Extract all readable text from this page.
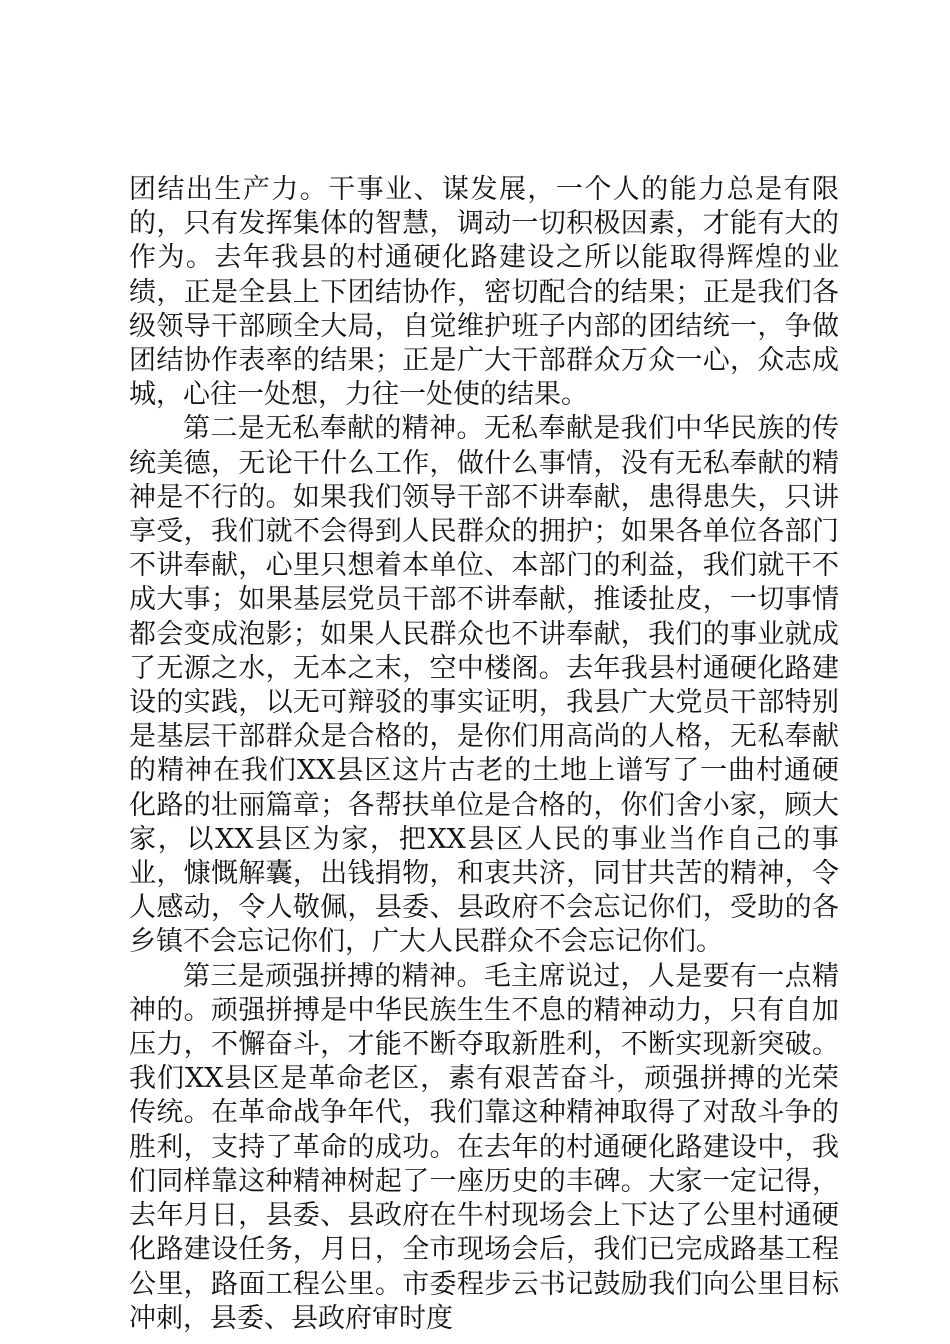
团结出生产力。干事业、谋发展，一个人的能力总是有限的，只有发挥集体的智慧，调动一切积极因素，才能有大的作为。去年我县的村通硬化路建设之所以能取得辉煌的业绩，正是全县上下团结协作，密切配合的结果；正是我们各级领导干部顾全大局，自觉维护班子内部的团结统一，争做团结协作表率的结果；正是广大干部群众万众一心，众志成城，心往一处想，力往一处使的结果。

第二是无私奉献的精神。无私奉献是我们中华民族的传统美德，无论干什么工作，做什么事情，没有无私奉献的精神是不行的。如果我们领导干部不讲奉献，患得患失，只讲享受，我们就不会得到人民群众的拥护；如果各单位各部门不讲奉献，心里只想着本单位、本部门的利益，我们就干不成大事；如果基层党员干部不讲奉献，推诿扯皮，一切事情都会变成泡影；如果人民群众也不讲奉献，我们的事业就成了无源之水，无本之末，空中楼阁。去年我县村通硬化路建设的实践，以无可辩驳的事实证明，我县广大党员干部特别是基层干部群众是合格的，是你们用高尚的人格，无私奉献的精神在我们XX县区这片古老的土地上谱写了一曲村通硬化路的壮丽篇章；各帮扶单位是合格的，你们舍小家，顾大家，以XX县区为家，把XX县区人民的事业当作自己的事业，慷慨解囊，出钱捐物，和衷共济，同甘共苦的精神，令人感动，令人敬佩，县委、县政府不会忘记你们，受助的各乡镇不会忘记你们，广大人民群众不会忘记你们。

第三是顽强拼搏的精神。毛主席说过，人是要有一点精神的。顽强拼搏是中华民族生生不息的精神动力，只有自加压力，不懈奋斗，才能不断夺取新胜利，不断实现新突破。我们XX县区是革命老区，素有艰苦奋斗，顽强拼搏的光荣传统。在革命战争年代，我们靠这种精神取得了对敌斗争的胜利，支持了革命的成功。在去年的村通硬化路建设中，我们同样靠这种精神树起了一座历史的丰碑。大家一定记得，去年月日，县委、县政府在牛村现场会上下达了公里村通硬化路建设任务，月日，全市现场会后，我们已完成路基工程公里，路面工程公里。市委程步云书记鼓励我们向公里目标冲刺，县委、县政府审时度
